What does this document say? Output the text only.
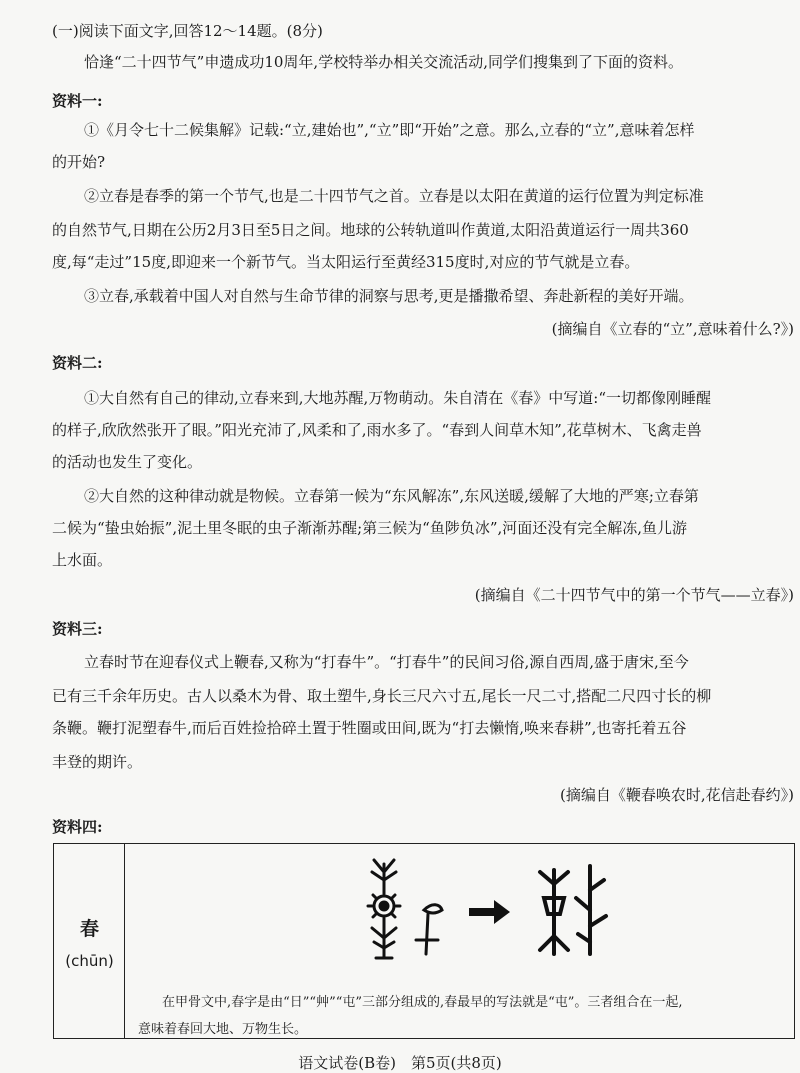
(一)阅读下面文字,回答12～14题。(8分)
恰逢“二十四节气”申遗成功10周年,学校特举办相关交流活动,同学们搜集到了下面的资料。
资料一:
①《月令七十二候集解》记载:“立,建始也”,“立”即“开始”之意。那么,立春的“立”,意味着怎样
的开始?
②立春是春季的第一个节气,也是二十四节气之首。立春是以太阳在黄道的运行位置为判定标准
的自然节气,日期在公历2月3日至5日之间。地球的公转轨道叫作黄道,太阳沿黄道运行一周共360
度,每“走过”15度,即迎来一个新节气。当太阳运行至黄经315度时,对应的节气就是立春。
③立春,承载着中国人对自然与生命节律的洞察与思考,更是播撒希望、奔赴新程的美好开端。
(摘编自《立春的“立”,意味着什么?》)
资料二:
①大自然有自己的律动,立春来到,大地苏醒,万物萌动。朱自清在《春》中写道:“一切都像刚睡醒
的样子,欣欣然张开了眼。”阳光充沛了,风柔和了,雨水多了。“春到人间草木知”,花草树木、飞禽走兽
的活动也发生了变化。
②大自然的这种律动就是物候。立春第一候为“东风解冻”,东风送暖,缓解了大地的严寒;立春第
二候为“蛰虫始振”,泥土里冬眠的虫子渐渐苏醒;第三候为“鱼陟负冰”,河面还没有完全解冻,鱼儿游
上水面。
(摘编自《二十四节气中的第一个节气——立春》)
资料三:
立春时节在迎春仪式上鞭春,又称为“打春牛”。“打春牛”的民间习俗,源自西周,盛于唐宋,至今
已有三千余年历史。古人以桑木为骨、取土塑牛,身长三尺六寸五,尾长一尺二寸,搭配二尺四寸长的柳
条鞭。鞭打泥塑春牛,而后百姓捡拾碎土置于牲圈或田间,既为“打去懒惰,唤来春耕”,也寄托着五谷
丰登的期许。
(摘编自《鞭春唤农时,花信赴春约》)
资料四:
春
(chūn)
在甲骨文中,春字是由“日”“艸”“屯”三部分组成的,春最早的写法就是“屯”。三者组合在一起,
意味着春回大地、万物生长。
语文试卷(B卷)　第5页(共8页)
